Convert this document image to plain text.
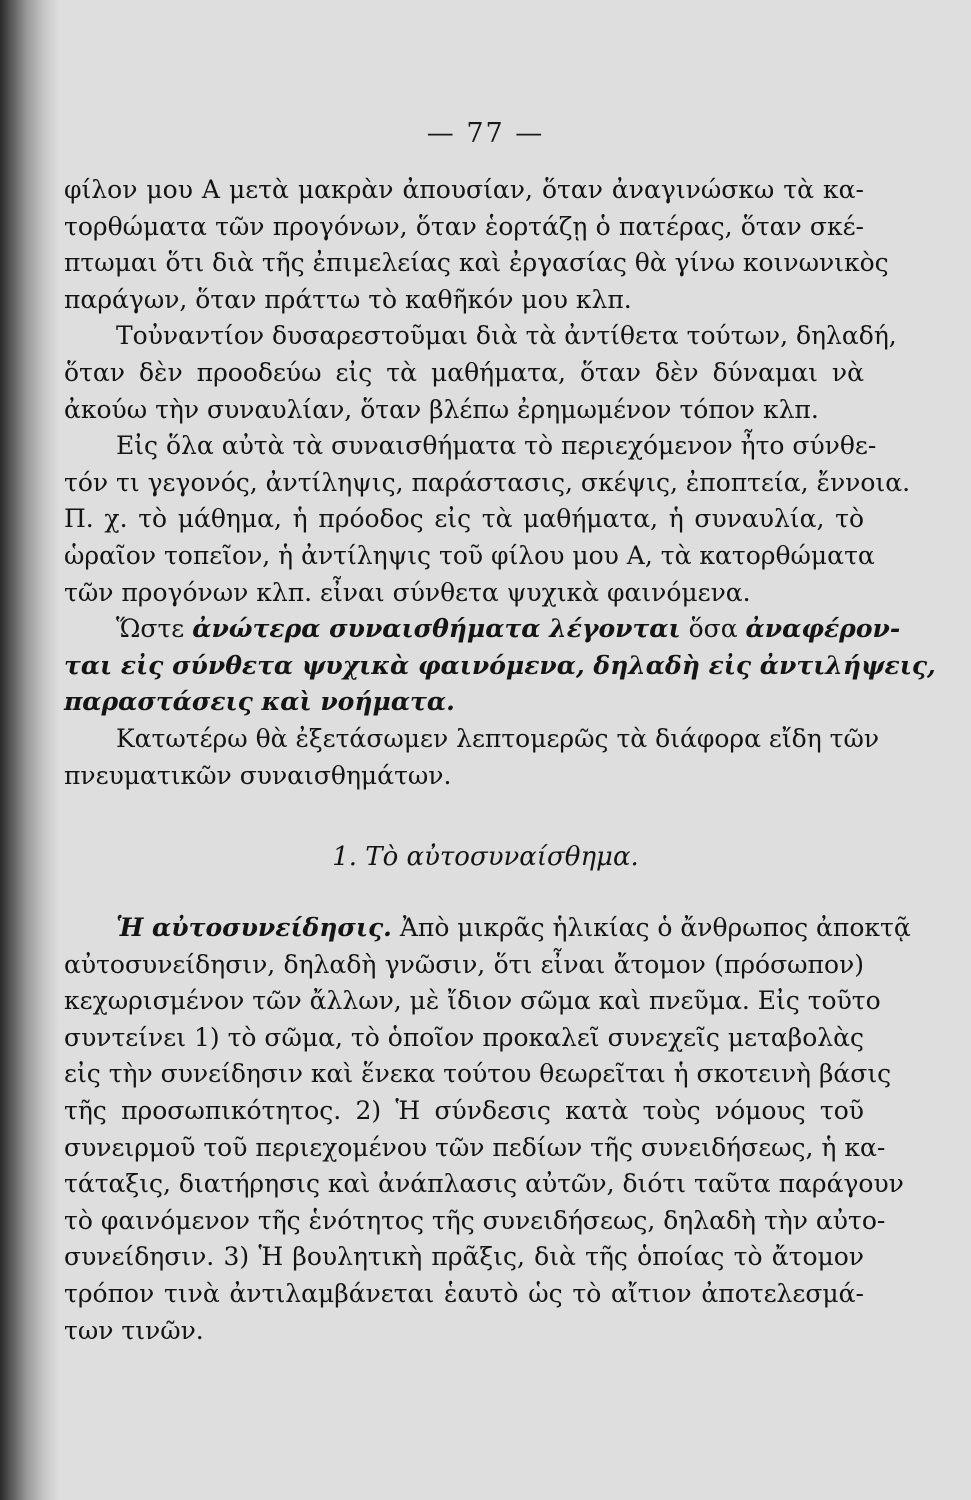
— 77 —
φίλον μου Α μετὰ μακρὰν ἀπουσίαν, ὅταν ἀναγινώσκω τὰ κα-
τορθώματα τῶν προγόνων, ὅταν ἑορτάζῃ ὁ πατέρας, ὅταν σκέ-
πτωμαι ὅτι διὰ τῆς ἐπιμελείας καὶ ἐργασίας θὰ γίνω κοινωνικὸς
παράγων, ὅταν πράττω τὸ καθῆκόν μου κλπ.
Τοὐναντίον δυσαρεστοῦμαι διὰ τὰ ἀντίθετα τούτων, δηλαδή,
ὅταν δὲν προοδεύω εἰς τὰ μαθήματα, ὅταν δὲν δύναμαι νὰ
ἀκούω τὴν συναυλίαν, ὅταν βλέπω ἐρημωμένον τόπον κλπ.
Εἰς ὅλα αὐτὰ τὰ συναισθήματα τὸ περιεχόμενον ἦτο σύνθε-
τόν τι γεγονός, ἀντίληψις, παράστασις, σκέψις, ἐποπτεία, ἔννοια.
Π. χ. τὸ μάθημα, ἡ πρόοδος εἰς τὰ μαθήματα, ἡ συναυλία, τὸ
ὡραῖον τοπεῖον, ἡ ἀντίληψις τοῦ φίλου μου Α, τὰ κατορθώματα
τῶν προγόνων κλπ. εἶναι σύνθετα ψυχικὰ φαινόμενα.
Ὥστε ἀνώτερα συναισθήματα λέγονται ὅσα ἀναφέρον-
ται εἰς σύνθετα ψυχικὰ φαινόμενα, δηλαδὴ εἰς ἀντιλήψεις,
παραστάσεις καὶ νοήματα.
Κατωτέρω θὰ ἐξετάσωμεν λεπτομερῶς τὰ διάφορα εἴδη τῶν
πνευματικῶν συναισθημάτων.
1. Τὸ αὐτοσυναίσθημα.
Ἡ αὐτοσυνείδησις. Ἀπὸ μικρᾶς ἡλικίας ὁ ἄνθρωπος ἀποκτᾷ
αὐτοσυνείδησιν, δηλαδὴ γνῶσιν, ὅτι εἶναι ἄτομον (πρόσωπον)
κεχωρισμένον τῶν ἄλλων, μὲ ἴδιον σῶμα καὶ πνεῦμα. Εἰς τοῦτο
συντείνει 1) τὸ σῶμα, τὸ ὁποῖον προκαλεῖ συνεχεῖς μεταβολὰς
εἰς τὴν συνείδησιν καὶ ἕνεκα τούτου θεωρεῖται ἡ σκοτεινὴ βάσις
τῆς προσωπικότητος. 2) Ἡ σύνδεσις κατὰ τοὺς νόμους τοῦ
συνειρμοῦ τοῦ περιεχομένου τῶν πεδίων τῆς συνειδήσεως, ἡ κα-
τάταξις, διατήρησις καὶ ἀνάπλασις αὐτῶν, διότι ταῦτα παράγουν
τὸ φαινόμενον τῆς ἑνότητος τῆς συνειδήσεως, δηλαδὴ τὴν αὐτο-
συνείδησιν. 3) Ἡ βουλητικὴ πρᾶξις, διὰ τῆς ὁποίας τὸ ἄτομον
τρόπον τινὰ ἀντιλαμβάνεται ἑαυτὸ ὡς τὸ αἴτιον ἀποτελεσμά-
των τινῶν.
